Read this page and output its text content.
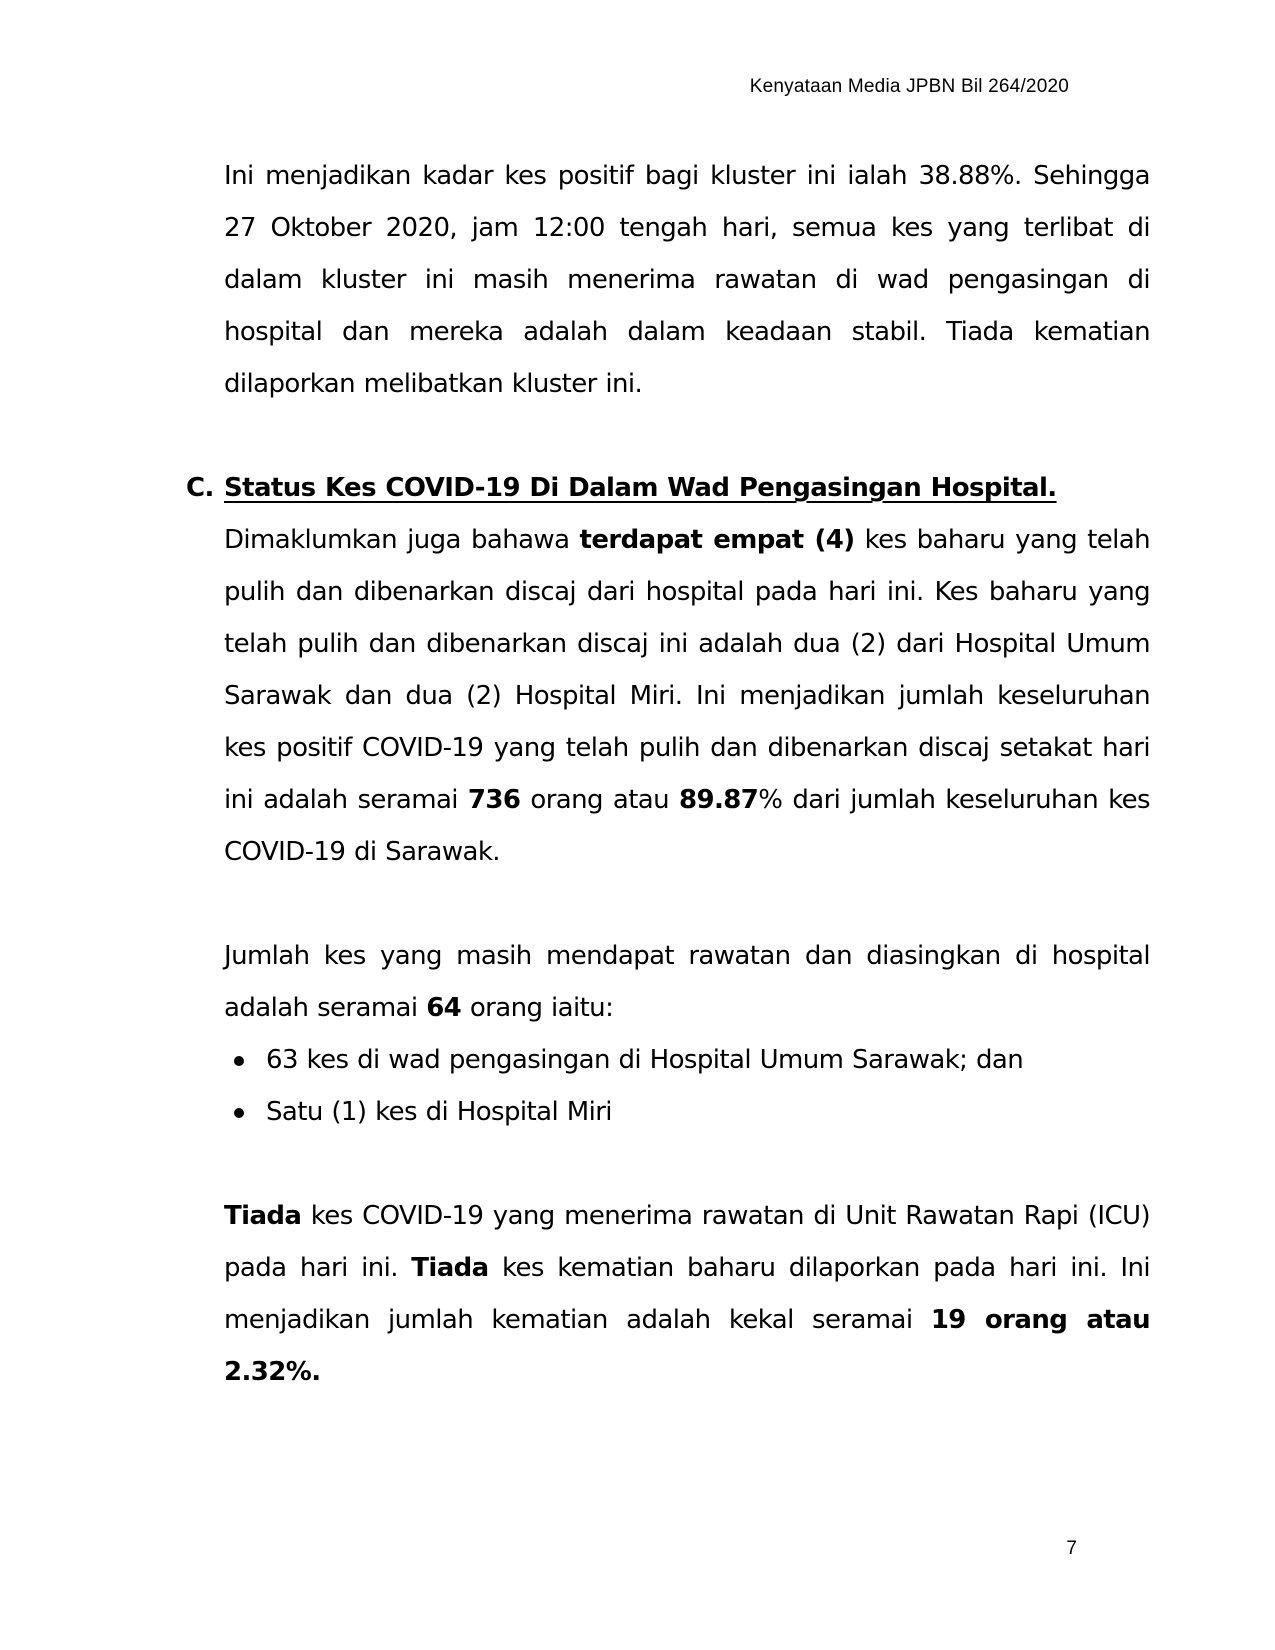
Kenyataan Media JPBN Bil 264/2020

Ini menjadikan kadar kes positif bagi kluster ini ialah 38.88%. Sehingga 27 Oktober 2020, jam 12:00 tengah hari, semua kes yang terlibat di dalam kluster ini masih menerima rawatan di wad pengasingan di hospital dan mereka adalah dalam keadaan stabil. Tiada kematian dilaporkan melibatkan kluster ini.

C. Status Kes COVID-19 Di Dalam Wad Pengasingan Hospital.

Dimaklumkan juga bahawa terdapat empat (4) kes baharu yang telah pulih dan dibenarkan discaj dari hospital pada hari ini. Kes baharu yang telah pulih dan dibenarkan discaj ini adalah dua (2) dari Hospital Umum Sarawak dan dua (2) Hospital Miri. Ini menjadikan jumlah keseluruhan kes positif COVID-19 yang telah pulih dan dibenarkan discaj setakat hari ini adalah seramai 736 orang atau 89.87% dari jumlah keseluruhan kes COVID-19 di Sarawak.

Jumlah kes yang masih mendapat rawatan dan diasingkan di hospital adalah seramai 64 orang iaitu:

63 kes di wad pengasingan di Hospital Umum Sarawak; dan
Satu (1) kes di Hospital Miri

Tiada kes COVID-19 yang menerima rawatan di Unit Rawatan Rapi (ICU) pada hari ini. Tiada kes kematian baharu dilaporkan pada hari ini. Ini menjadikan jumlah kematian adalah kekal seramai 19 orang atau 2.32%.

7
